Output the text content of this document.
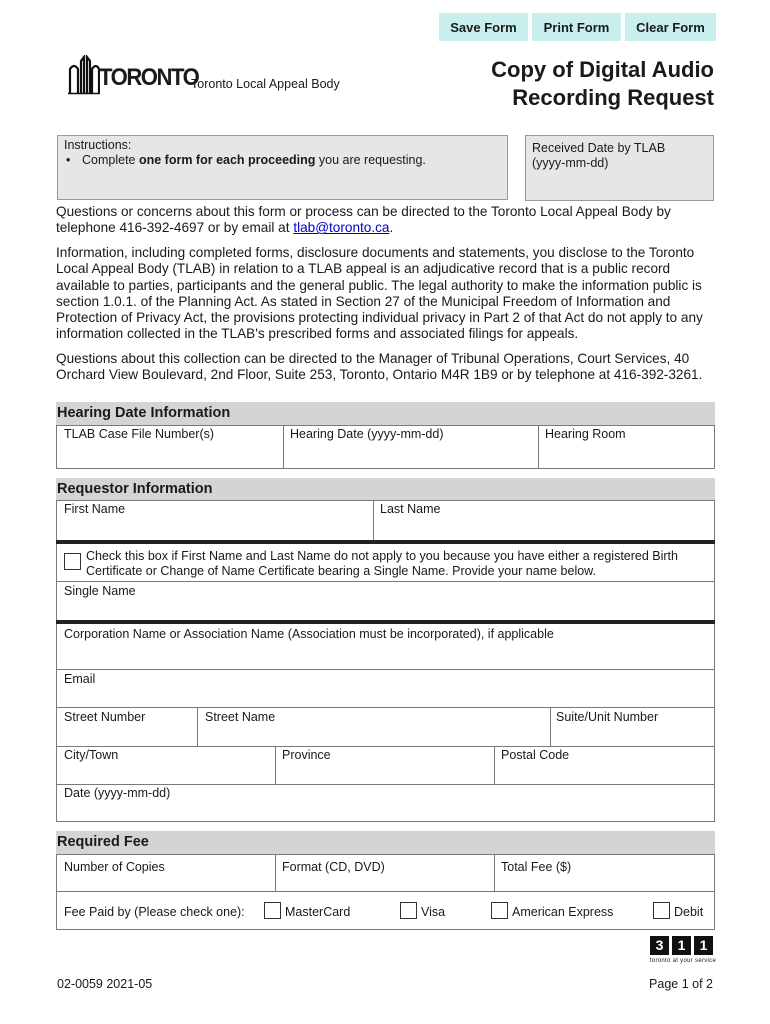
Save Form	Print Form	Clear Form
TORONTO
Toronto Local Appeal Body
Copy of Digital Audio
Recording Request
Instructions:
• Complete one form for each proceeding you are requesting.
Received Date by TLAB
(yyyy-mm-dd)

Questions or concerns about this form or process can be directed to the Toronto Local Appeal Body by telephone 416-392-4697 or by email at tlab@toronto.ca.

Information, including completed forms, disclosure documents and statements, you disclose to the Toronto Local Appeal Body (TLAB) in relation to a TLAB appeal is an adjudicative record that is a public record available to parties, participants and the general public. The legal authority to make the information public is section 1.0.1. of the Planning Act. As stated in Section 27 of the Municipal Freedom of Information and Protection of Privacy Act, the provisions protecting individual privacy in Part 2 of that Act do not apply to any information collected in the TLAB's prescribed forms and associated filings for appeals.

Questions about this collection can be directed to the Manager of Tribunal Operations, Court Services, 40 Orchard View Boulevard, 2nd Floor, Suite 253, Toronto, Ontario M4R 1B9 or by telephone at 416-392-3261.

Hearing Date Information
TLAB Case File Number(s)	Hearing Date (yyyy-mm-dd)	Hearing Room
Requestor Information
First Name	Last Name
Check this box if First Name and Last Name do not apply to you because you have either a registered Birth Certificate or Change of Name Certificate bearing a Single Name. Provide your name below.
Single Name
Corporation Name or Association Name (Association must be incorporated), if applicable
Email
Street Number	Street Name	Suite/Unit Number
City/Town	Province	Postal Code
Date (yyyy-mm-dd)
Required Fee
Number of Copies	Format (CD, DVD)	Total Fee ($)
Fee Paid by (Please check one):	MasterCard	Visa	American Express	Debit
3	1	1
toronto at your service
02-0059 2021-05	Page 1 of 2
